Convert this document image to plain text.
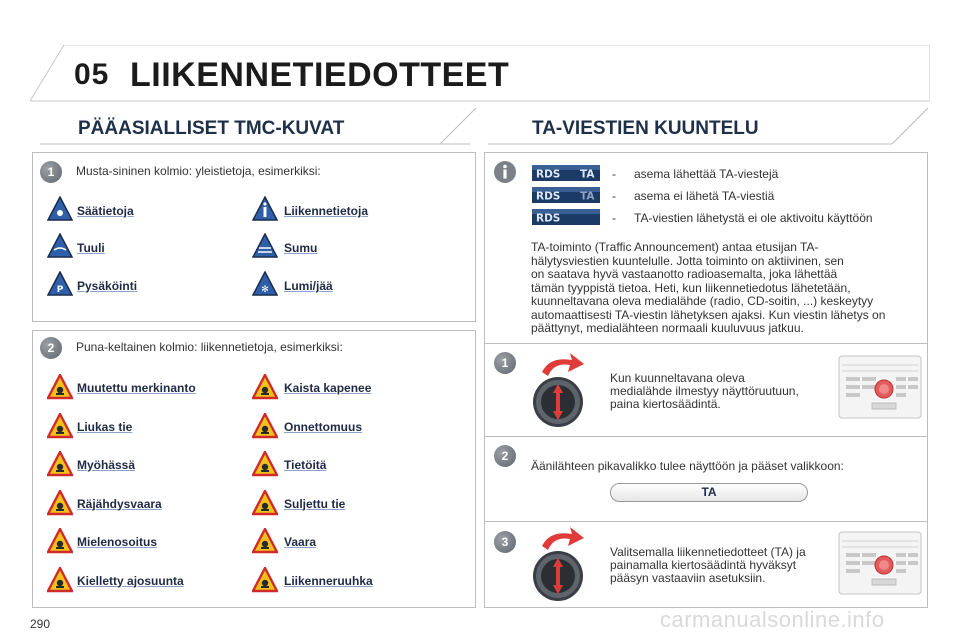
05 LIIKENNETIEDOTTEET
PÄÄASIALLISET TMC-KUVAT
1	Musta-sininen kolmio: yleistietoja, esimerkiksi:
Säätietoja	Liikennetietoja
Tuuli	Sumu
P Pysäköinti	✻ Lumi/jää
2	Puna-keltainen kolmio: liikennetietoja, esimerkiksi:
Muutettu merkinanto	Kaista kapenee
Liukas tie	Onnettomuus
Myöhässä	Tietöitä
Räjähdysvaara	Suljettu tie
Mielenosoitus	Vaara
Kielletty ajosuunta	Liikenneruuhka
TA-VIESTIEN KUUNTELU
RDS TA - asema lähettää TA-viestejä
RDS TA - asema ei lähetä TA-viestiä
RDS	- TA-viestien lähetystä ei ole aktivoitu käyttöön
TA-toiminto (Traffic Announcement) antaa etusijan TA-
hälytysviestien kuuntelulle. Jotta toiminto on aktiivinen, sen
on saatava hyvä vastaanotto radioasemalta, joka lähettää
tämän tyyppistä tietoa. Heti, kun liikennetiedotus lähetetään,
kuunneltavana oleva medialähde (radio, CD-soitin, ...) keskeytyy
automaattisesti TA-viestin lähetyksen ajaksi. Kun viestin lähetys on
päättynyt, medialähteen normaali kuuluvuus jatkuu.
1
Kun kuunneltavana oleva
medialähde ilmestyy näyttöruutuun,
paina kiertosäädintä.
2
Äänilähteen pikavalikko tulee näyttöön ja pääset valikkoon:
TA
3
Valitsemalla liikennetiedotteet (TA) ja
painamalla kiertosäädintä hyväksyt
pääsyn vastaaviin asetuksiin.
290	carmanualsonline.info
